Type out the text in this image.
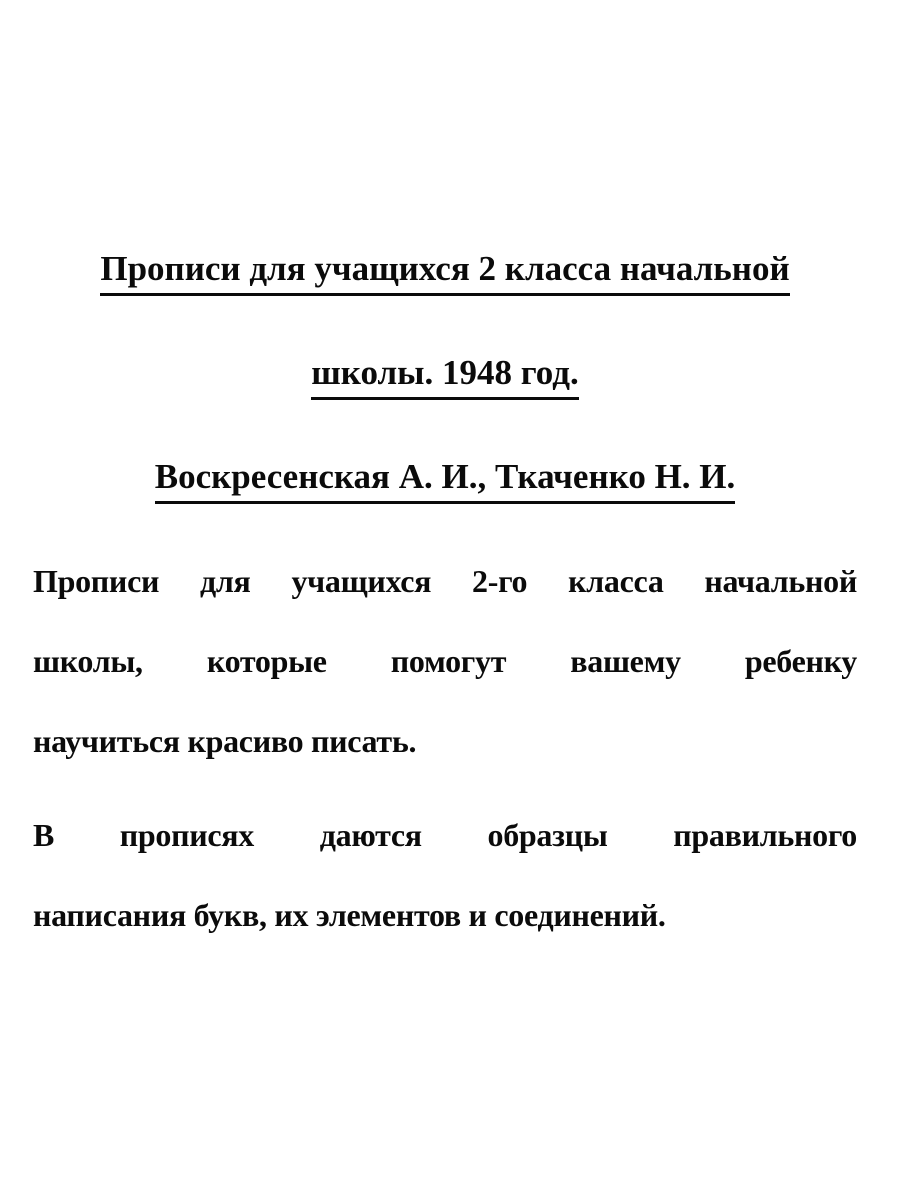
Прописи для учащихся 2 класса начальной
школы. 1948 год.
Воскресенская А. И., Ткаченко Н. И.

Прописи для учащихся 2-го класса начальной
школы, которые помогут вашему ребенку
научиться красиво писать.

В прописях даются образцы правильного
написания букв, их элементов и соединений.
